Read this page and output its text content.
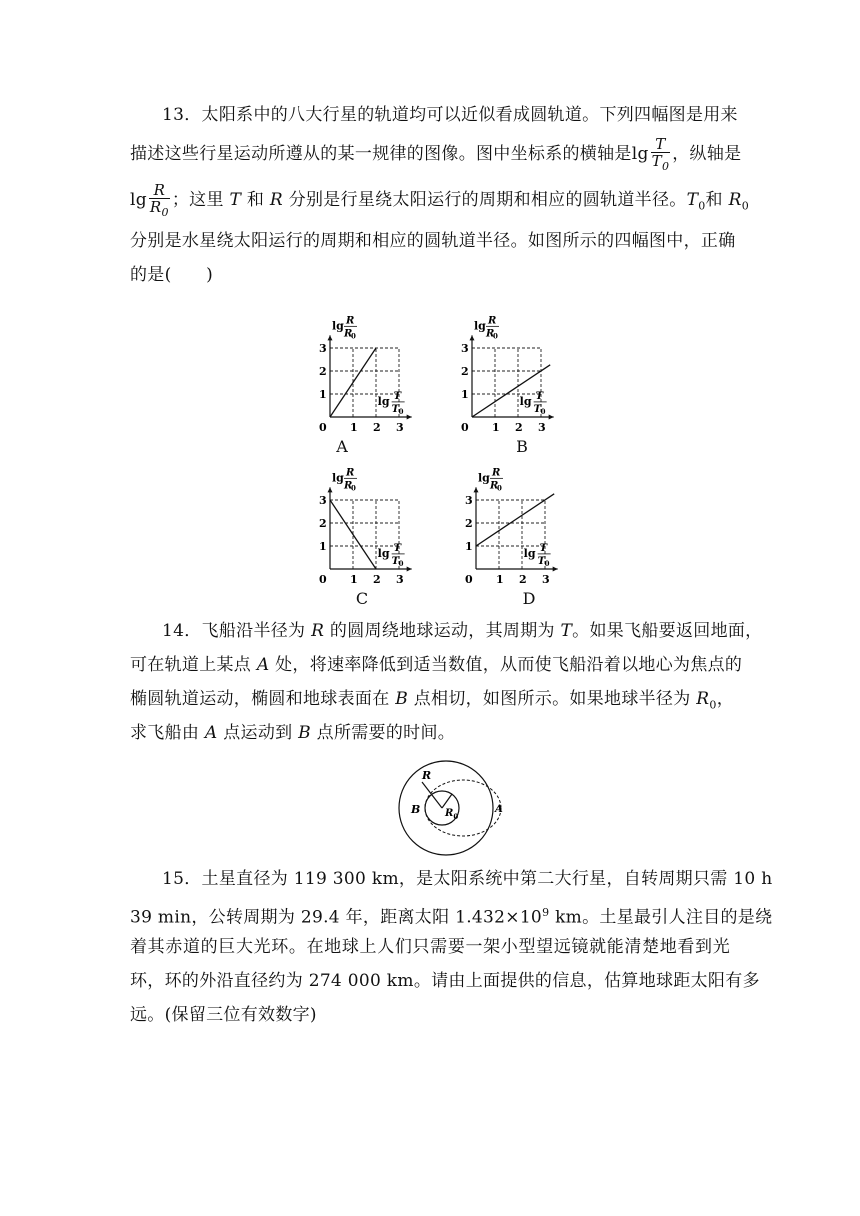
13．太阳系中的八大行星的轨道均可以近似看成圆轨道。下列四幅图是用来
描述这些行星运动所遵从的某一规律的图像。图中坐标系的横轴是$\lg \frac{T}{T_0}$ ，纵轴是
$\lg \frac{R}{R_0}$ ；这里 T 和 R 分别是行星绕太阳运行的周期和相应的圆轨道半径。$T_0$和 $R_0$
分别是水星绕太阳运行的周期和相应的圆轨道半径。如图所示的四幅图中，正确
的是(　　)
1 2 3
1
2
3
0
lg R
R
0
lg T
T 0
A
1 2 3
1
2
3
0
lg R
R
0
lg T
T 0
B
1 2 3
1
2
3
0
lg R
R
0
lg T
T 0
C
1 2 3
1
2
3
0
lg R
R
0
lg T
T 0
D
14．飞船沿半径为 R 的圆周绕地球运动，其周期为 T。如果飞船要返回地面，
可在轨道上某点 A 处，将速率降低到适当数值，从而使飞船沿着以地心为焦点的
椭圆轨道运动，椭圆和地球表面在 B 点相切，如图所示。如果地球半径为 $R_0$，
求飞船由 A 点运动到 B 点所需要的时间。
R
$R_0$
B	A
15．土星直径为 119 300 km，是太阳系统中第二大行星，自转周期只需 10 h
39 min，公转周期为 29.4 年，距离太阳 $1.432\times 10^9$ km。土星最引人注目的是绕
着其赤道的巨大光环。在地球上人们只需要一架小型望远镜就能清楚地看到光
环，环的外沿直径约为 274 000 km。请由上面提供的信息，估算地球距太阳有多
远。(保留三位有效数字)
